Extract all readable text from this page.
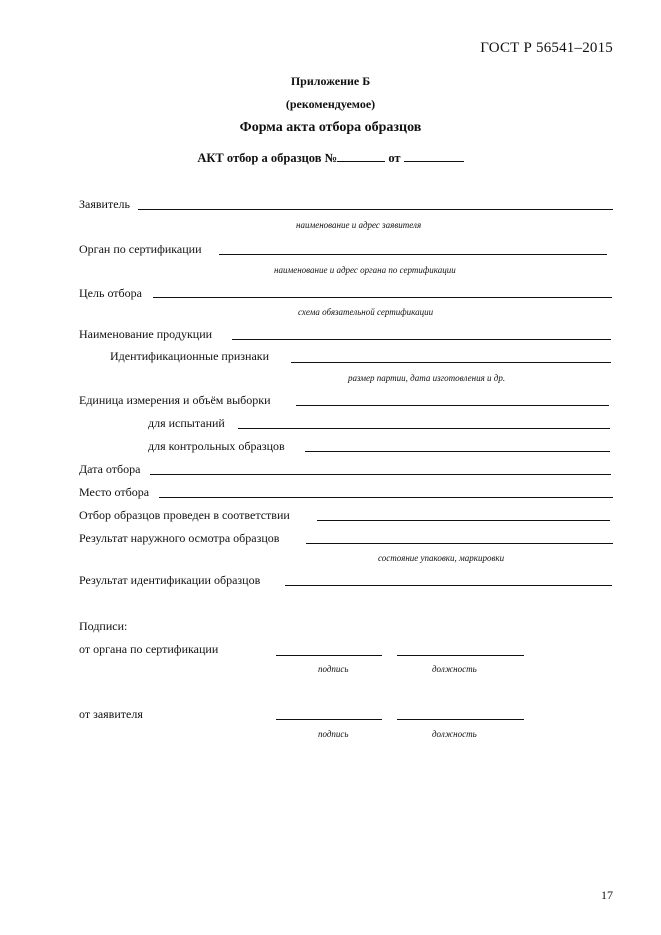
ГОСТ Р 56541–2015
Приложение Б
(рекомендуемое)
Форма акта отбора образцов
АКТ отбор а образцов №	от
Заявитель
наименование и адрес заявителя
Орган по сертификации
наименование и адрес органа по сертификации
Цель отбора
схема обязательной сертификации
Наименование продукции
Идентификационные признаки
размер партии, дата изготовления и др.
Единица измерения и объём выборки
для испытаний
для контрольных образцов
Дата отбора
Место отбора
Отбор образцов проведен в соответствии
Результат наружного осмотра образцов
состояние упаковки, маркировки
Результат идентификации образцов
Подписи:
от органа по сертификации
подпись	должность
от заявителя
подпись	должность
17
